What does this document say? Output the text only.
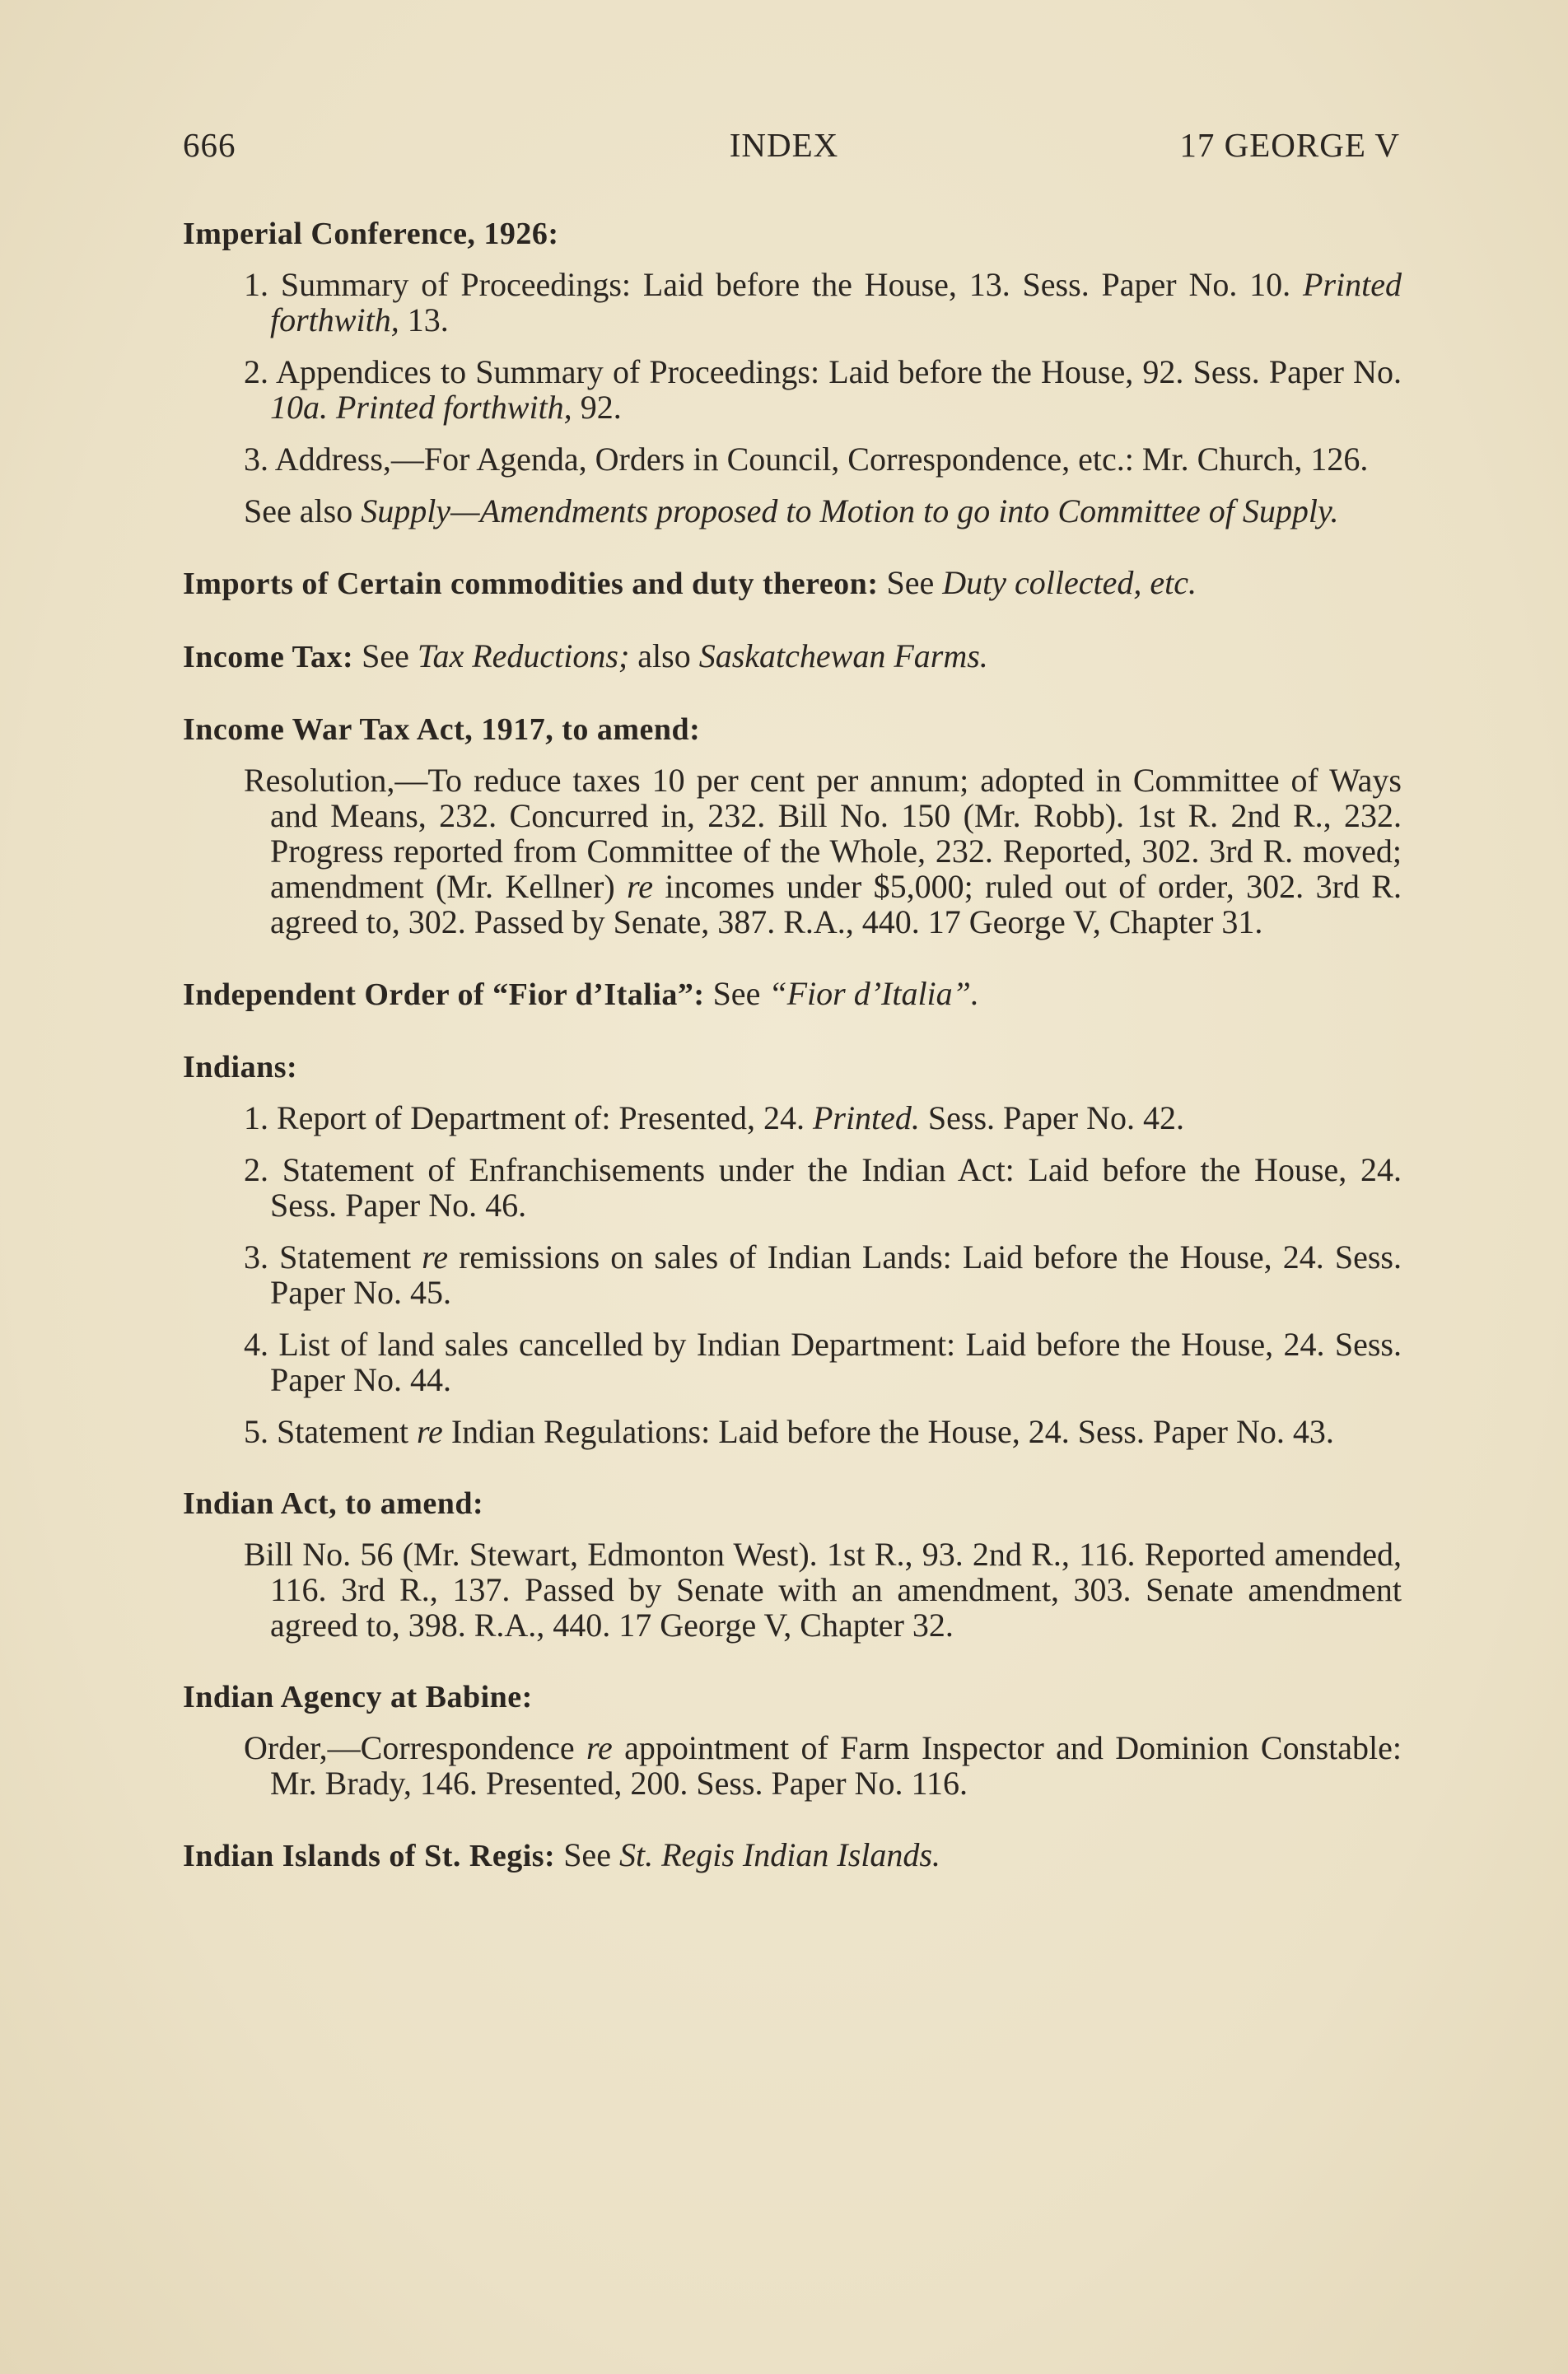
666	INDEX	17 GEORGE V
Imperial Conference, 1926:
1. Summary of Proceedings: Laid before the House, 13. Sess. Paper No. 10. Printed forthwith, 13.
2. Appendices to Summary of Proceedings: Laid before the House, 92. Sess. Paper No. 10a. Printed forthwith, 92.
3. Address,—For Agenda, Orders in Council, Correspondence, etc.: Mr. Church, 126.
See also Supply—Amendments proposed to Motion to go into Committee of Supply.
Imports of Certain commodities and duty thereon: See Duty collected, etc.
Income Tax: See Tax Reductions; also Saskatchewan Farms.
Income War Tax Act, 1917, to amend:
Resolution,—To reduce taxes 10 per cent per annum; adopted in Committee of Ways and Means, 232. Concurred in, 232. Bill No. 150 (Mr. Robb). 1st R. 2nd R., 232. Progress reported from Committee of the Whole, 232. Reported, 302. 3rd R. moved; amendment (Mr. Kellner) re incomes under $5,000; ruled out of order, 302. 3rd R. agreed to, 302. Passed by Senate, 387. R.A., 440. 17 George V, Chapter 31.
Independent Order of “Fior d’Italia”: See “Fior d’Italia”.
Indians:
1. Report of Department of: Presented, 24. Printed. Sess. Paper No. 42.
2. Statement of Enfranchisements under the Indian Act: Laid before the House, 24. Sess. Paper No. 46.
3. Statement re remissions on sales of Indian Lands: Laid before the House, 24. Sess. Paper No. 45.
4. List of land sales cancelled by Indian Department: Laid before the House, 24. Sess. Paper No. 44.
5. Statement re Indian Regulations: Laid before the House, 24. Sess. Paper No. 43.
Indian Act, to amend:
Bill No. 56 (Mr. Stewart, Edmonton West). 1st R., 93. 2nd R., 116. Reported amended, 116. 3rd R., 137. Passed by Senate with an amendment, 303. Senate amendment agreed to, 398. R.A., 440. 17 George V, Chapter 32.
Indian Agency at Babine:
Order,—Correspondence re appointment of Farm Inspector and Dominion Constable: Mr. Brady, 146. Presented, 200. Sess. Paper No. 116.
Indian Islands of St. Regis: See St. Regis Indian Islands.
